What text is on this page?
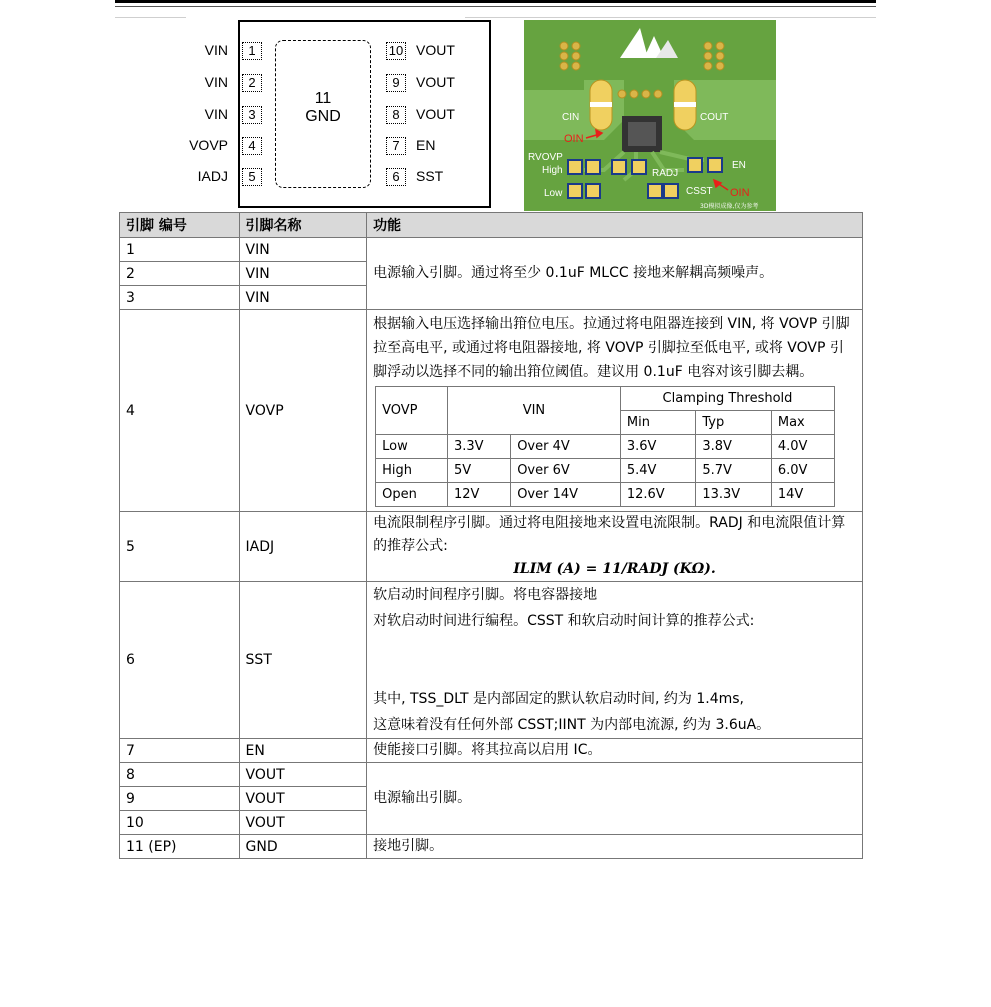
11
GND
VIN
VIN
VIN
VOVP
IADJ
1
2
3
4
5
10
9
8
7
6
VOUT
VOUT
VOUT
EN
SST
CIN	COUT
RVOVP
High
Low
RADJ
EN
CSST
OIN
OIN
3D模拟成像,仅为参考
引脚 编号	引脚名称	功能
1	VIN	电源输入引脚。通过将至少 0.1uF MLCC 接地来解耦高频噪声。
2	VIN
3	VIN
4	VOVP	
根据输入电压选择输出箝位电压。拉通过将电阻器连接到 VIN, 将 VOVP 引脚拉至高电平, 或通过将电阻器接地, 将 VOVP 引脚拉至低电平, 或将 VOVP 引脚浮动以选择不同的输出箝位阈值。建议用 0.1uF 电容对该引脚去耦。
VOVP	VIN	Clamping Threshold
Min	Typ	Max
Low	3.3V	Over 4V	3.6V	3.8V	4.0V
High	5V	Over 6V	5.4V	5.7V	6.0V
Open	12V	Over 14V	12.6V	13.3V	14V

5	IADJ	
电流限制程序引脚。通过将电阻接地来设置电流限制。RADJ 和电流限值计算的推荐公式:
ILIM (A) = 11/RADJ (KΩ).

6	SST	
软启动时间程序引脚。将电容器接地
对软启动时间进行编程。CSST 和软启动时间计算的推荐公式:
其中, TSS_DLT 是内部固定的默认软启动时间, 约为 1.4ms,
这意味着没有任何外部 CSST;IINT 为内部电流源, 约为 3.6uA。

7	EN	使能接口引脚。将其拉高以启用 IC。
8	VOUT	电源输出引脚。
9	VOUT
10	VOUT
11 (EP)	GND	接地引脚。
